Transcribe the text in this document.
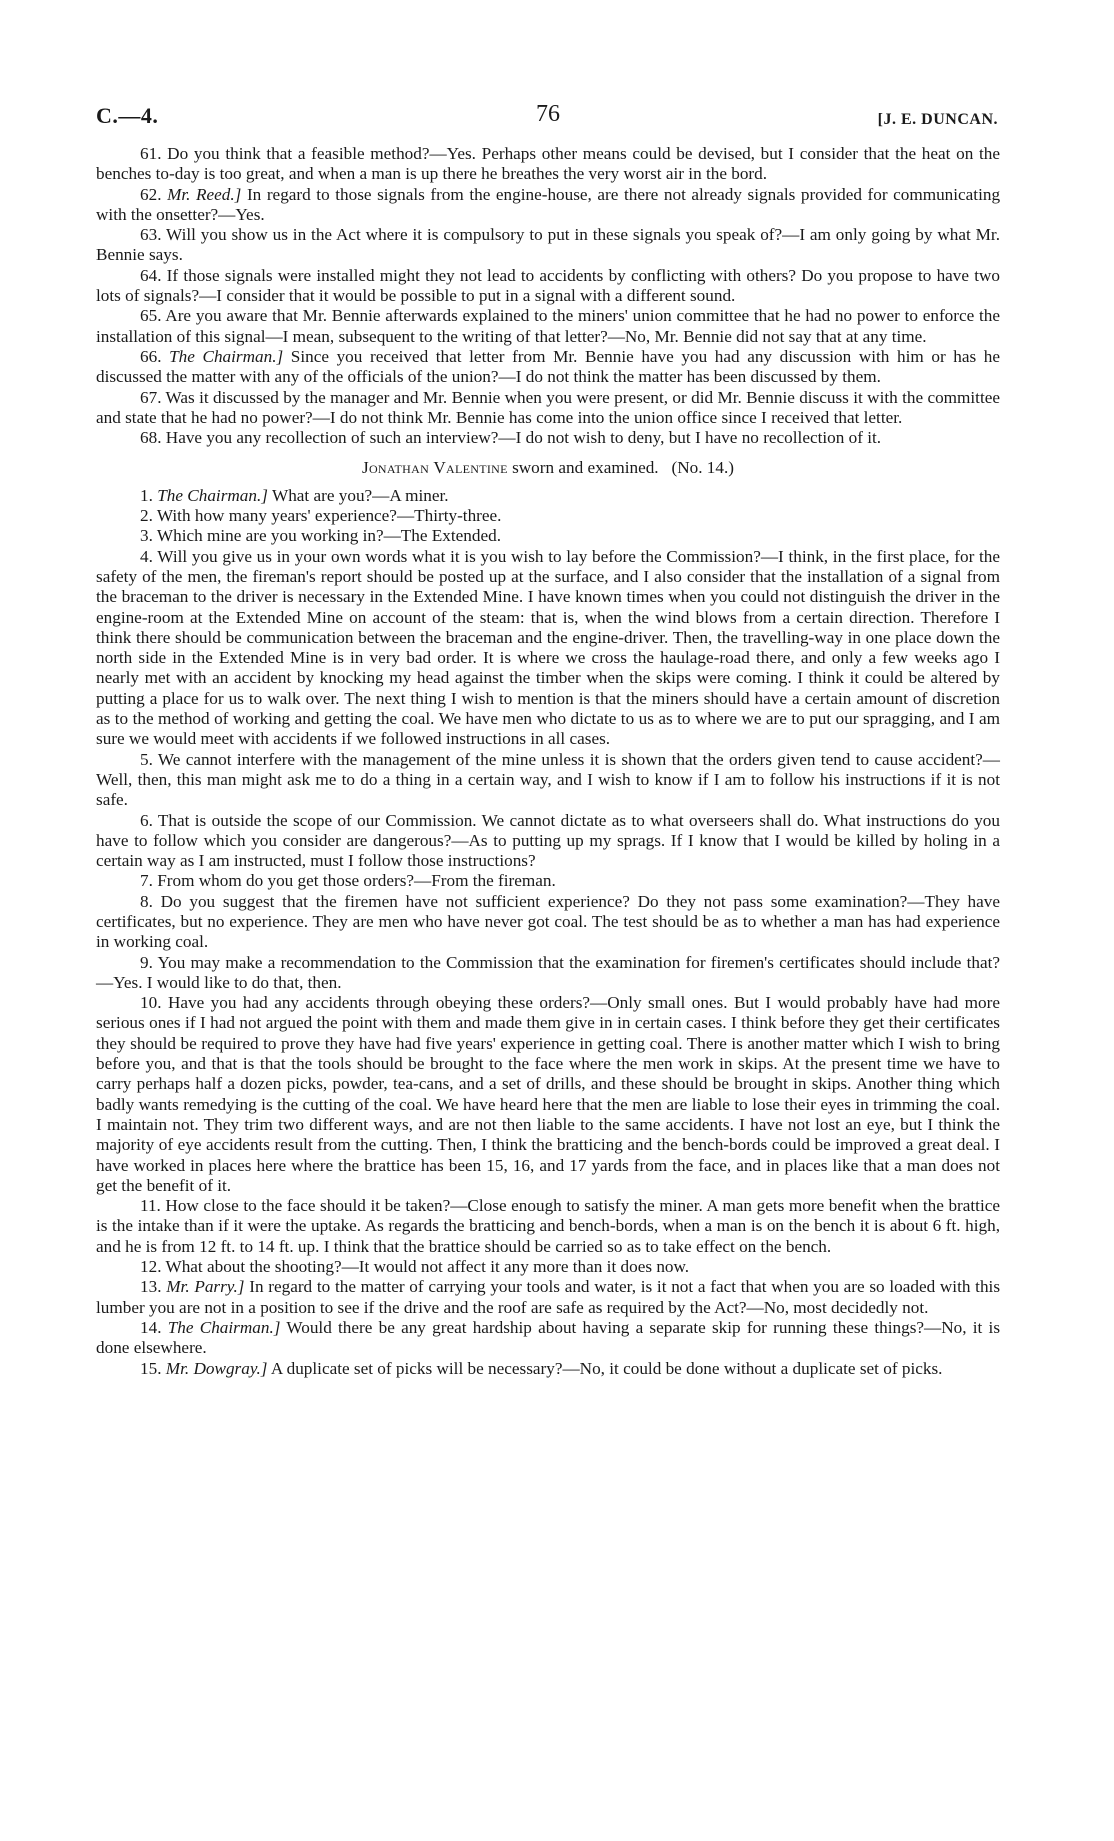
C.—4.	76	[J. E. DUNCAN.

61. Do you think that a feasible method?—Yes. Perhaps other means could be devised, but I consider that the heat on the benches to-day is too great, and when a man is up there he breathes the very worst air in the bord.

62. Mr. Reed.] In regard to those signals from the engine-house, are there not already signals provided for communicating with the onsetter?—Yes.

63. Will you show us in the Act where it is compulsory to put in these signals you speak of?—I am only going by what Mr. Bennie says.

64. If those signals were installed might they not lead to accidents by conflicting with others? Do you propose to have two lots of signals?—I consider that it would be possible to put in a signal with a different sound.

65. Are you aware that Mr. Bennie afterwards explained to the miners' union committee that he had no power to enforce the installation of this signal—I mean, subsequent to the writing of that letter?—No, Mr. Bennie did not say that at any time.

66. The Chairman.] Since you received that letter from Mr. Bennie have you had any discussion with him or has he discussed the matter with any of the officials of the union?—I do not think the matter has been discussed by them.

67. Was it discussed by the manager and Mr. Bennie when you were present, or did Mr. Bennie discuss it with the committee and state that he had no power?—I do not think Mr. Bennie has come into the union office since I received that letter.

68. Have you any recollection of such an interview?—I do not wish to deny, but I have no recollection of it.

Jonathan Valentine sworn and examined. (No. 14.)

1. The Chairman.] What are you?—A miner.

2. With how many years' experience?—Thirty-three.

3. Which mine are you working in?—The Extended.

4. Will you give us in your own words what it is you wish to lay before the Commission?—I think, in the first place, for the safety of the men, the fireman's report should be posted up at the surface, and I also consider that the installation of a signal from the braceman to the driver is necessary in the Extended Mine. I have known times when you could not distinguish the driver in the engine-room at the Extended Mine on account of the steam: that is, when the wind blows from a certain direction. Therefore I think there should be communication between the braceman and the engine-driver. Then, the travelling-way in one place down the north side in the Extended Mine is in very bad order. It is where we cross the haulage-road there, and only a few weeks ago I nearly met with an accident by knocking my head against the timber when the skips were coming. I think it could be altered by putting a place for us to walk over. The next thing I wish to mention is that the miners should have a certain amount of discretion as to the method of working and getting the coal. We have men who dictate to us as to where we are to put our spragging, and I am sure we would meet with accidents if we followed instructions in all cases.

5. We cannot interfere with the management of the mine unless it is shown that the orders given tend to cause accident?—Well, then, this man might ask me to do a thing in a certain way, and I wish to know if I am to follow his instructions if it is not safe.

6. That is outside the scope of our Commission. We cannot dictate as to what overseers shall do. What instructions do you have to follow which you consider are dangerous?—As to putting up my sprags. If I know that I would be killed by holing in a certain way as I am instructed, must I follow those instructions?

7. From whom do you get those orders?—From the fireman.

8. Do you suggest that the firemen have not sufficient experience? Do they not pass some examination?—They have certificates, but no experience. They are men who have never got coal. The test should be as to whether a man has had experience in working coal.

9. You may make a recommendation to the Commission that the examination for firemen's certificates should include that?—Yes. I would like to do that, then.

10. Have you had any accidents through obeying these orders?—Only small ones. But I would probably have had more serious ones if I had not argued the point with them and made them give in in certain cases. I think before they get their certificates they should be required to prove they have had five years' experience in getting coal. There is another matter which I wish to bring before you, and that is that the tools should be brought to the face where the men work in skips. At the present time we have to carry perhaps half a dozen picks, powder, tea-cans, and a set of drills, and these should be brought in skips. Another thing which badly wants remedying is the cutting of the coal. We have heard here that the men are liable to lose their eyes in trimming the coal. I maintain not. They trim two different ways, and are not then liable to the same accidents. I have not lost an eye, but I think the majority of eye accidents result from the cutting. Then, I think the bratticing and the bench-bords could be improved a great deal. I have worked in places here where the brattice has been 15, 16, and 17 yards from the face, and in places like that a man does not get the benefit of it.

11. How close to the face should it be taken?—Close enough to satisfy the miner. A man gets more benefit when the brattice is the intake than if it were the uptake. As regards the bratticing and bench-bords, when a man is on the bench it is about 6 ft. high, and he is from 12 ft. to 14 ft. up. I think that the brattice should be carried so as to take effect on the bench.

12. What about the shooting?—It would not affect it any more than it does now.

13. Mr. Parry.] In regard to the matter of carrying your tools and water, is it not a fact that when you are so loaded with this lumber you are not in a position to see if the drive and the roof are safe as required by the Act?—No, most decidedly not.

14. The Chairman.] Would there be any great hardship about having a separate skip for running these things?—No, it is done elsewhere.

15. Mr. Dowgray.] A duplicate set of picks will be necessary?—No, it could be done without a duplicate set of picks.
